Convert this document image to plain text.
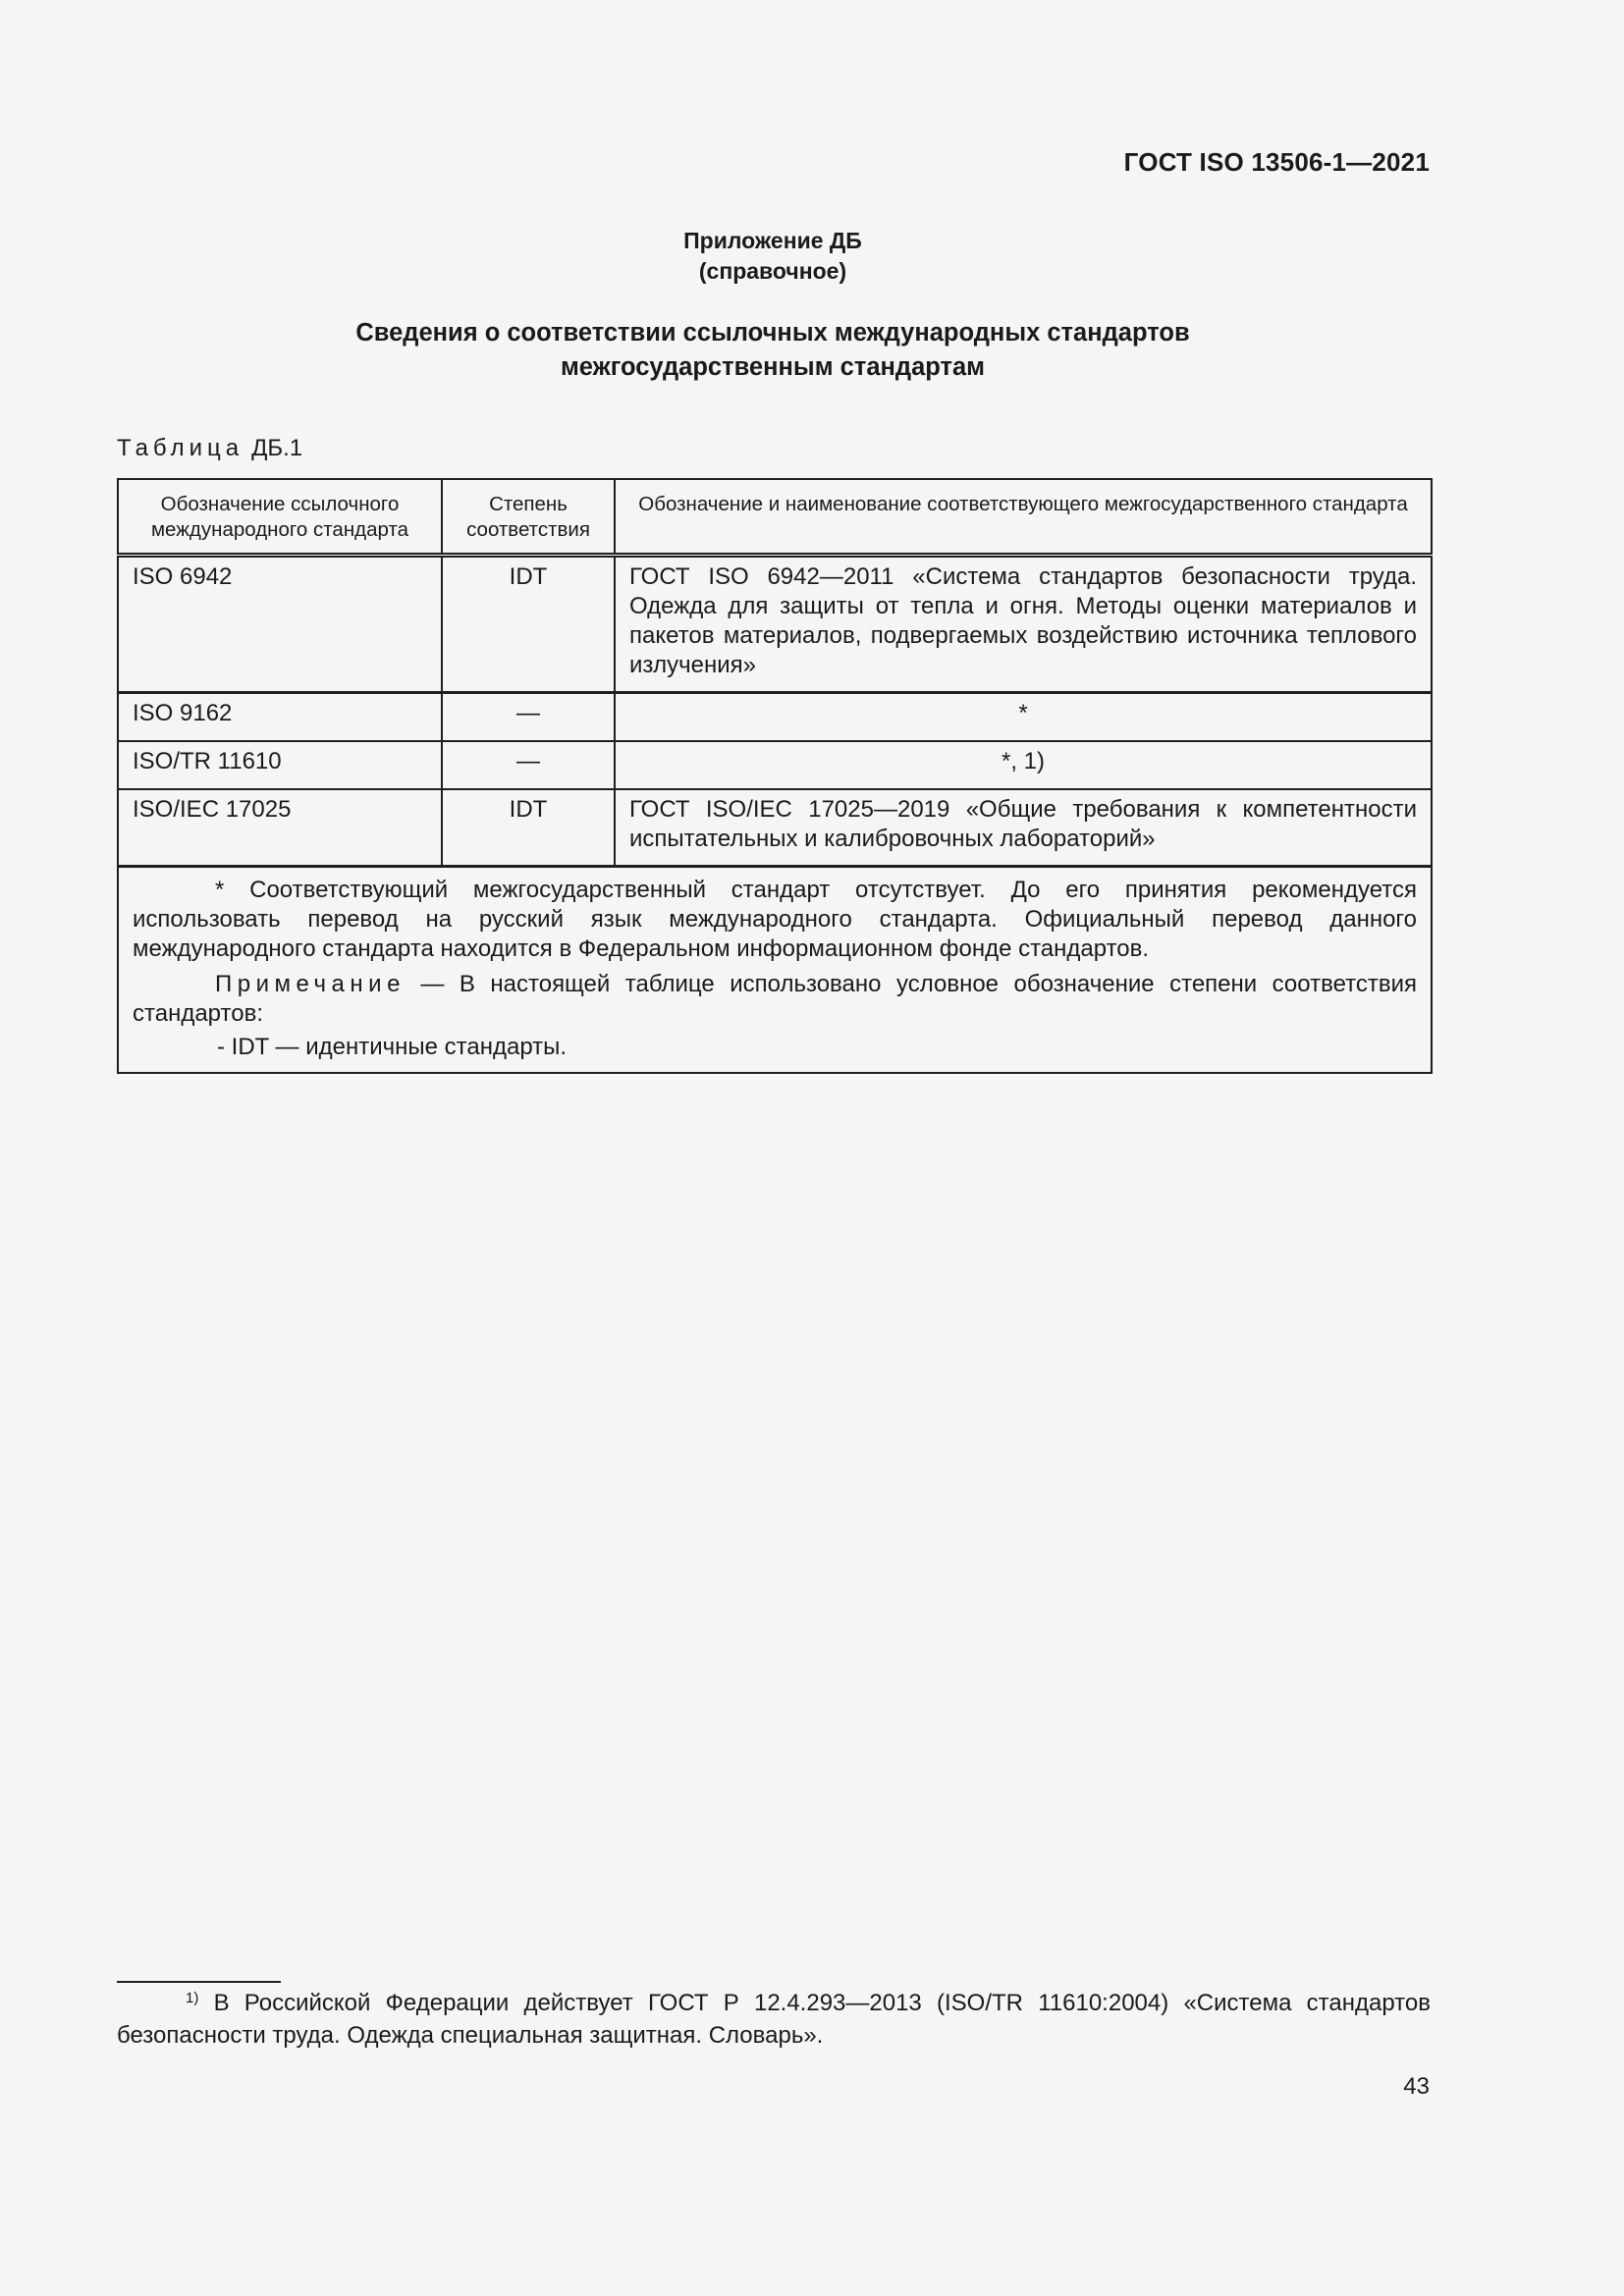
ГОСТ ISO 13506-1—2021
Приложение ДБ
(справочное)
Сведения о соответствии ссылочных международных стандартов
межгосударственным стандартам
Таблица ДБ.1
Обозначение ссылочного международного стандарта	Степень соответствия	Обозначение и наименование соответствующего межгосударственного стандарта
ISO 6942	IDT	ГОСТ ISO 6942—2011 «Система стандартов безопасности труда. Одежда для защиты от тепла и огня. Методы оценки материалов и пакетов материалов, подвергаемых воздействию источника теплового излучения»
ISO 9162	—	*
ISO/TR 11610	—	*, 1)
ISO/IEC 17025	IDT	ГОСТ ISO/IEC 17025—2019 «Общие требования к компетентности испытательных и калибровочных лабораторий»

* Соответствующий межгосударственный стандарт отсутствует. До его принятия рекомендуется использовать перевод на русский язык международного стандарта. Официальный перевод данного международного стандарта находится в Федеральном информационном фонде стандартов.

Примечание — В настоящей таблице использовано условное обозначение степени соответствия стандартов:

- IDT — идентичные стандарты.		

$^{1)}$ В Российской Федерации действует ГОСТ Р 12.4.293—2013 (ISO/TR 11610:2004) «Система стандартов безопасности труда. Одежда специальная защитная. Словарь».
43
